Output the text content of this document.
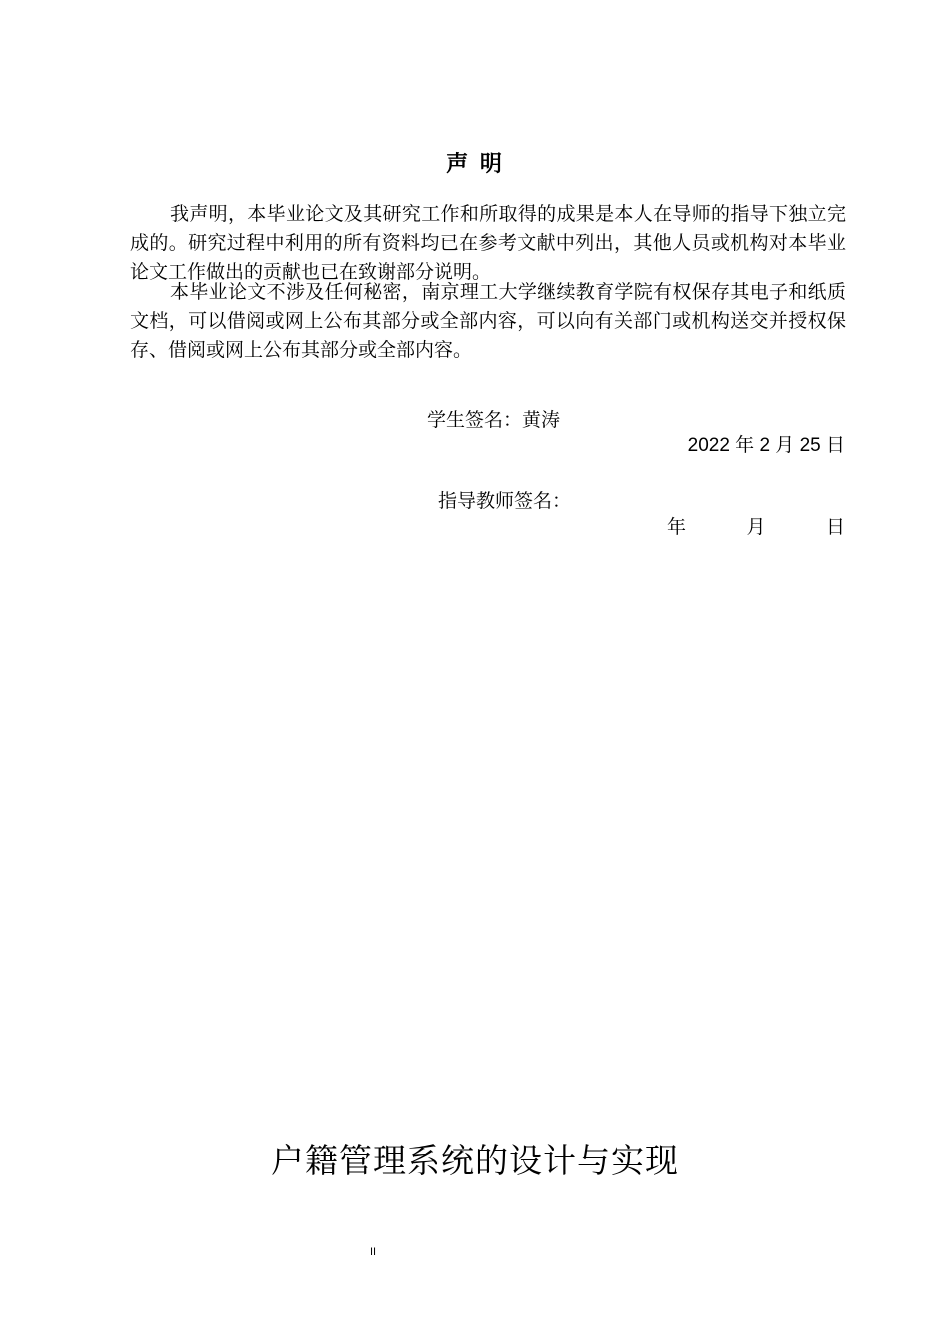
声 明

我声明，本毕业论文及其研究工作和所取得的成果是本人在导师的指导下独立完成的。研究过程中利用的所有资料均已在参考文献中列出，其他人员或机构对本毕业论文工作做出的贡献也已在致谢部分说明。

本毕业论文不涉及任何秘密，南京理工大学继续教育学院有权保存其电子和纸质文档，可以借阅或网上公布其部分或全部内容，可以向有关部门或机构送交并授权保存、借阅或网上公布其部分或全部内容。

学生签名：黄涛
2022 年 2 月 25 日
指导教师签名：
年	月	日
户籍管理系统的设计与实现
II
